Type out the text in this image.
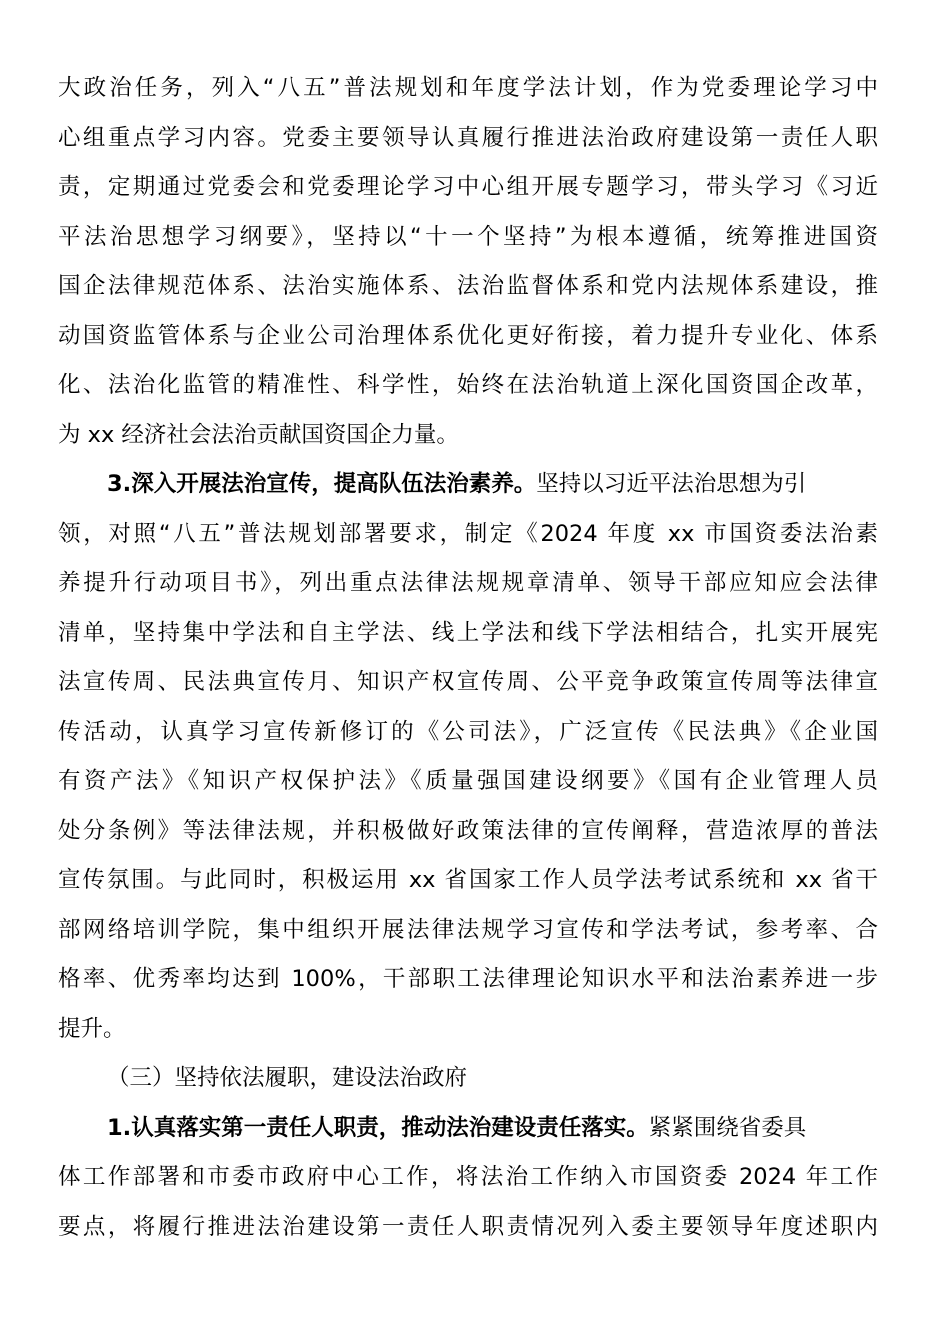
大政治任务，列入“八五”普法规划和年度学法计划，作为党委理论学习中
心组重点学习内容。党委主要领导认真履行推进法治政府建设第一责任人职
责，定期通过党委会和党委理论学习中心组开展专题学习，带头学习《习近
平法治思想学习纲要》，坚持以“十一个坚持”为根本遵循，统筹推进国资
国企法律规范体系、法治实施体系、法治监督体系和党内法规体系建设，推
动国资监管体系与企业公司治理体系优化更好衔接，着力提升专业化、体系
化、法治化监管的精准性、科学性，始终在法治轨道上深化国资国企改革，
为 xx 经济社会法治贡献国资国企力量。
3.深入开展法治宣传，提高队伍法治素养。坚持以习近平法治思想为引
领，对照“八五”普法规划部署要求，制定《2024 年度 xx 市国资委法治素
养提升行动项目书》，列出重点法律法规规章清单、领导干部应知应会法律
清单，坚持集中学法和自主学法、线上学法和线下学法相结合，扎实开展宪
法宣传周、民法典宣传月、知识产权宣传周、公平竞争政策宣传周等法律宣
传活动，认真学习宣传新修订的《公司法》，广泛宣传《民法典》《企业国
有资产法》《知识产权保护法》《质量强国建设纲要》《国有企业管理人员
处分条例》等法律法规，并积极做好政策法律的宣传阐释，营造浓厚的普法
宣传氛围。与此同时，积极运用 xx 省国家工作人员学法考试系统和 xx 省干
部网络培训学院，集中组织开展法律法规学习宣传和学法考试，参考率、合
格率、优秀率均达到 100%，干部职工法律理论知识水平和法治素养进一步
提升。
（三）坚持依法履职，建设法治政府
1.认真落实第一责任人职责，推动法治建设责任落实。紧紧围绕省委具
体工作部署和市委市政府中心工作，将法治工作纳入市国资委 2024 年工作
要点，将履行推进法治建设第一责任人职责情况列入委主要领导年度述职内
